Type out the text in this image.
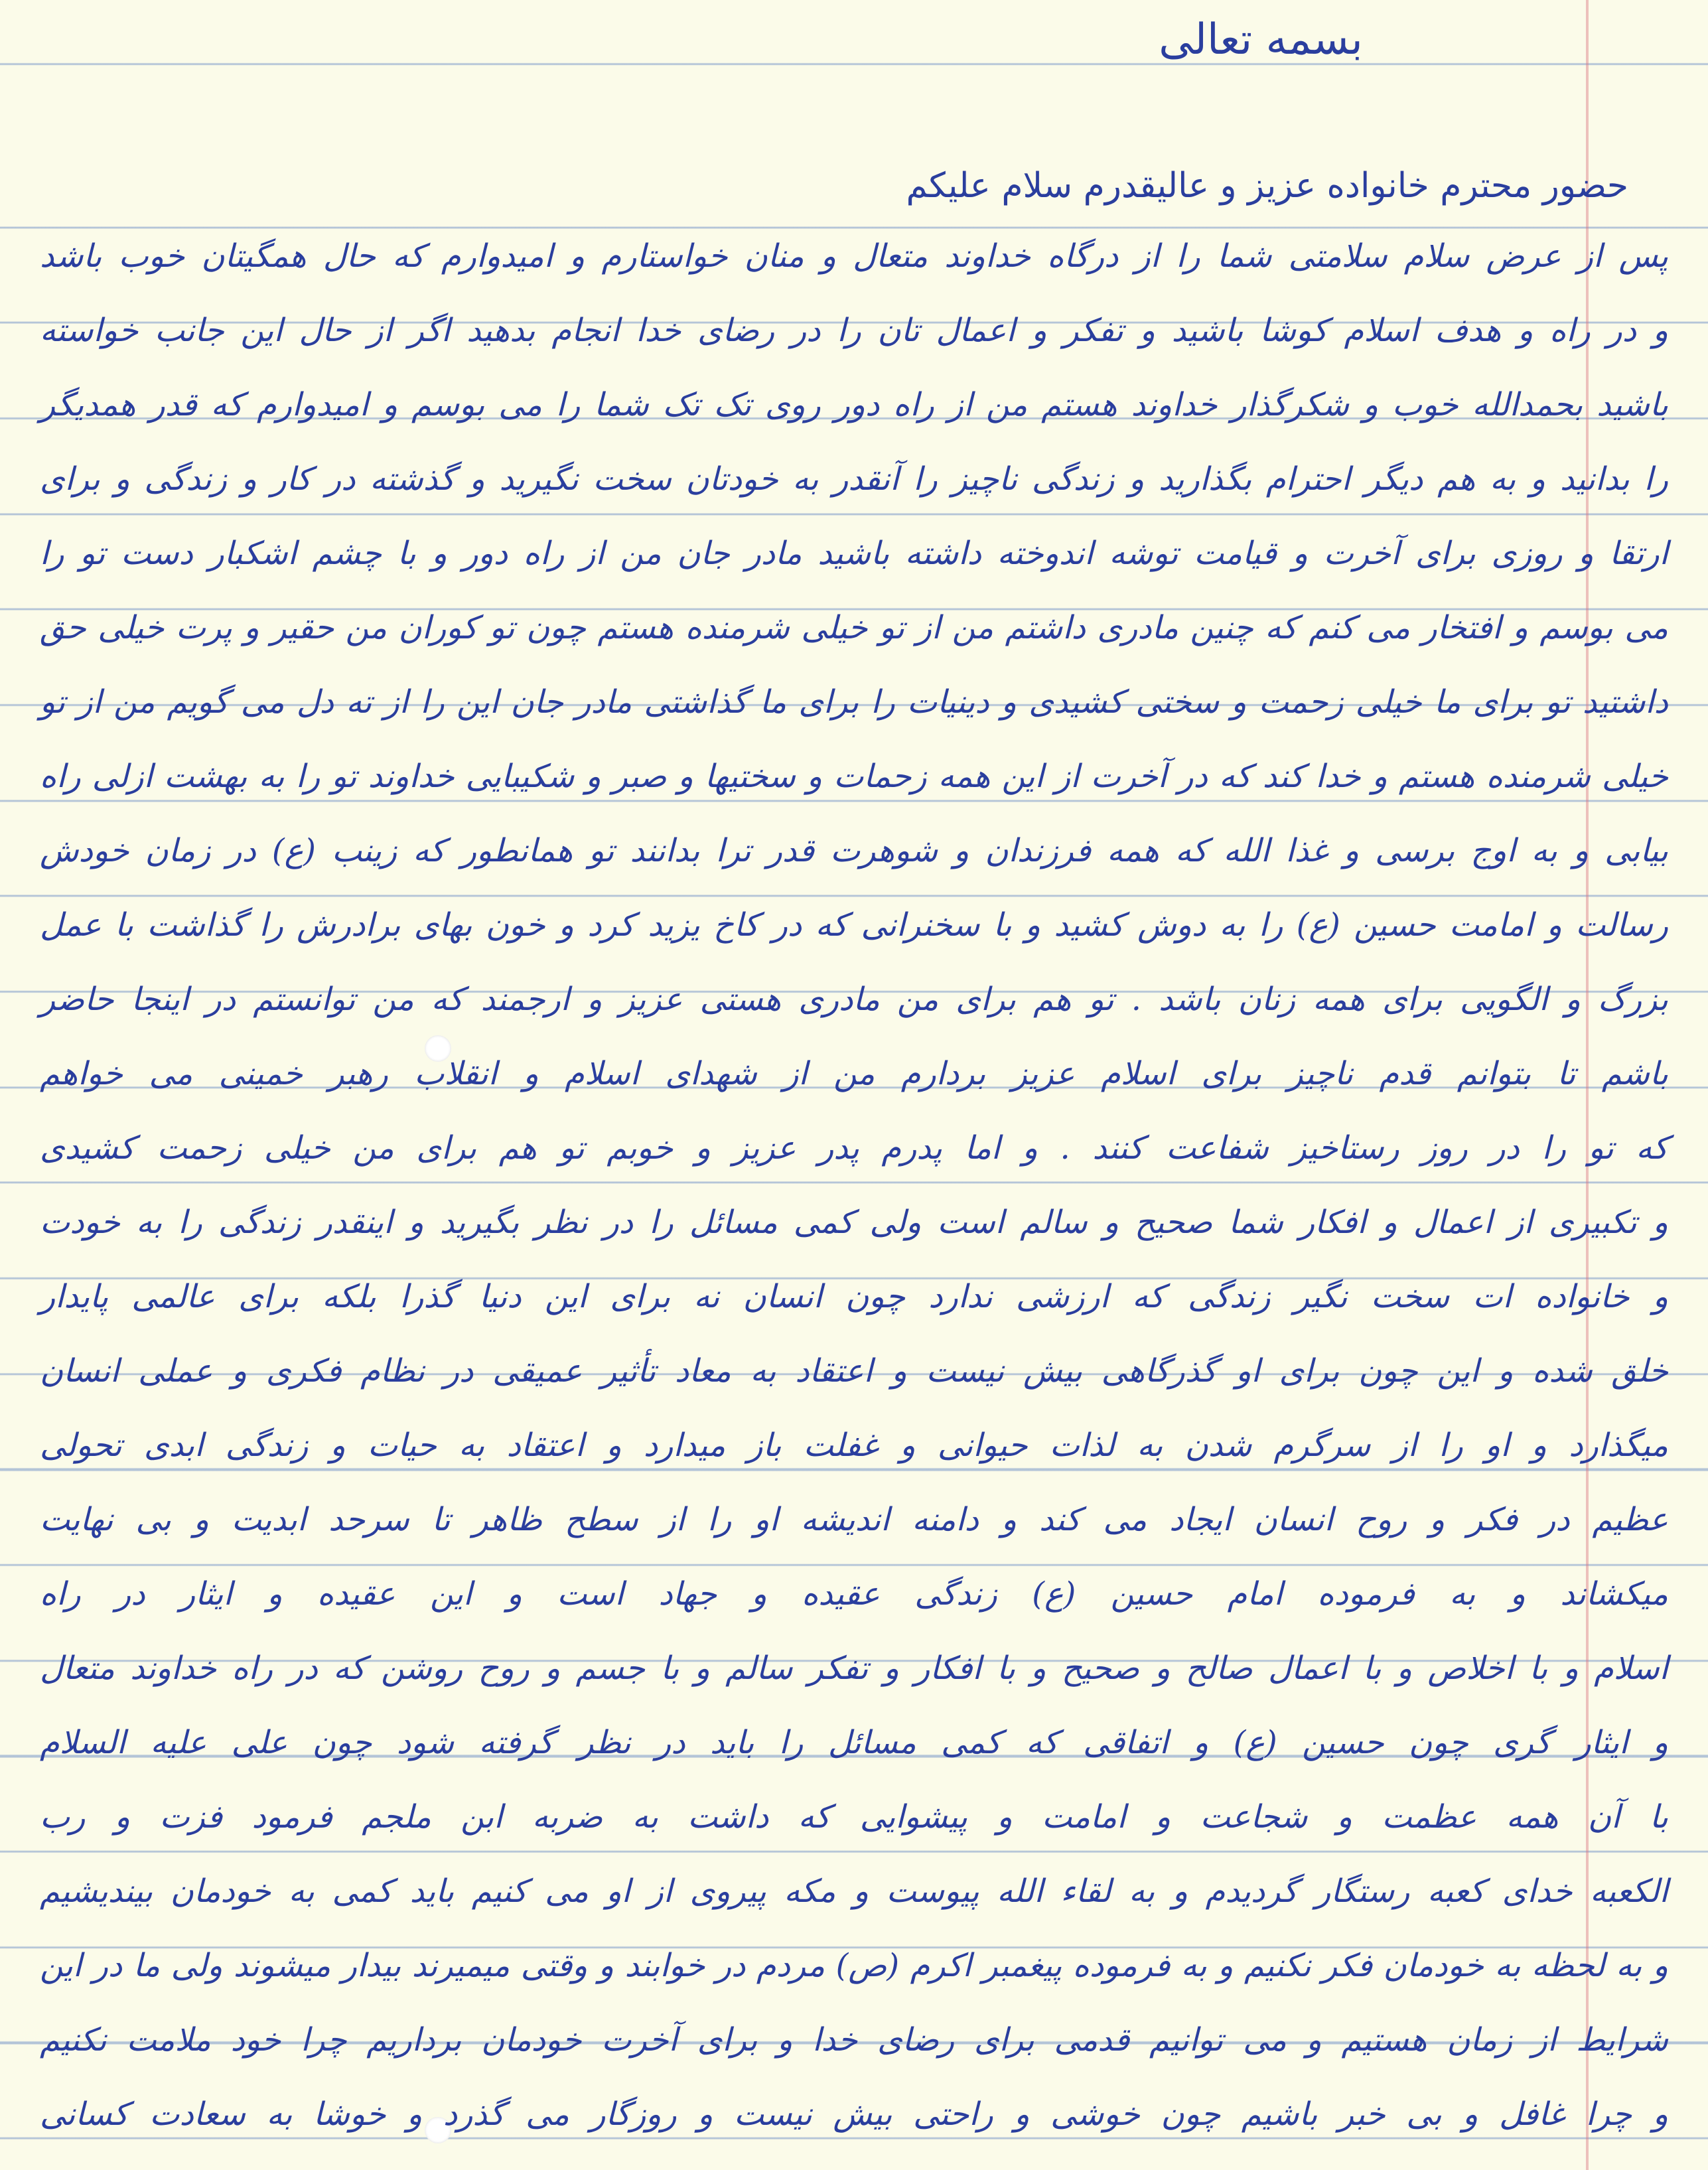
بسمه تعالی
حضور محترم خانواده عزیز و عالیقدرم سلام علیکم
پس از عرض سلام سلامتی شما را از درگاه خداوند متعال و منان خواستارم و امیدوارم که حال همگیتان خوب باشد
و در راه و هدف اسلام کوشا باشید و تفکر و اعمال تان را در رضای خدا انجام بدهید اگر از حال این جانب خواسته
باشید بحمدالله خوب و شکرگذار خداوند هستم من از راه دور روی تک تک شما را می بوسم و امیدوارم که قدر همدیگر
را بدانید و به هم دیگر احترام بگذارید و زندگی ناچیز را آنقدر به خودتان سخت نگیرید و گذشته در کار و زندگی و برای
ارتقا و روزی برای آخرت و قیامت توشه اندوخته داشته باشید مادر جان من از راه دور و با چشم اشکبار دست تو را
می بوسم و افتخار می کنم که چنین مادری داشتم من از تو خیلی شرمنده هستم چون تو کوران من حقیر و پرت خیلی حق
داشتید تو برای ما خیلی زحمت و سختی کشیدی و دینیات را برای ما گذاشتی مادر جان این را از ته دل می گویم من از تو
خیلی شرمنده هستم و خدا کند که در آخرت از این همه زحمات و سختیها و صبر و شکیبایی خداوند تو را به بهشت ازلی راه
بیابی و به اوج برسی و غذا الله که همه فرزندان و شوهرت قدر ترا بدانند تو همانطور که زینب (ع) در زمان خودش
رسالت و امامت حسین (ع) را به دوش کشید و با سخنرانی که در کاخ یزید کرد و خون بهای برادرش را گذاشت با عمل
بزرگ و الگویی برای همه زنان باشد . تو هم برای من مادری هستی عزیز و ارجمند که من توانستم در اینجا حاضر
باشم تا بتوانم قدم ناچیز برای اسلام عزیز بردارم من از شهدای اسلام و انقلاب رهبر خمینی می خواهم
که تو را در روز رستاخیز شفاعت کنند . و اما پدرم پدر عزیز و خوبم تو هم برای من خیلی زحمت کشیدی
و تکبیری از اعمال و افکار شما صحیح و سالم است ولی کمی مسائل را در نظر بگیرید و اینقدر زندگی را به خودت
و خانواده ات سخت نگیر زندگی که ارزشی ندارد چون انسان نه برای این دنیا گذرا بلکه برای عالمی پایدار
خلق شده و این چون برای او گذرگاهی بیش نیست و اعتقاد به معاد تأثیر عمیقی در نظام فکری و عملی انسان
میگذارد و او را از سرگرم شدن به لذات حیوانی و غفلت باز میدارد و اعتقاد به حیات و زندگی ابدی تحولی
عظیم در فکر و روح انسان ایجاد می کند و دامنه اندیشه او را از سطح ظاهر تا سرحد ابدیت و بی نهایت
میکشاند و به فرموده امام حسین (ع) زندگی عقیده و جهاد است و این عقیده و ایثار در راه
اسلام و با اخلاص و با اعمال صالح و صحیح و با افکار و تفکر سالم و با جسم و روح روشن که در راه خداوند متعال
و ایثار گری چون حسین (ع) و اتفاقی که کمی مسائل را باید در نظر گرفته شود چون علی علیه السلام
با آن همه عظمت و شجاعت و امامت و پیشوایی که داشت به ضربه ابن ملجم فرمود فزت و رب
الکعبه خدای کعبه رستگار گردیدم و به لقاء الله پیوست و مکه پیروی از او می کنیم باید کمی به خودمان بیندیشیم
و به لحظه به خودمان فکر نکنیم و به فرموده پیغمبر اکرم (ص) مردم در خوابند و وقتی میمیرند بیدار میشوند ولی ما در این
شرایط از زمان هستیم و می توانیم قدمی برای رضای خدا و برای آخرت خودمان برداریم چرا خود ملامت نکنیم
و چرا غافل و بی خبر باشیم چون خوشی و راحتی بیش نیست و روزگار می گذرد و خوشا به سعادت کسانی
